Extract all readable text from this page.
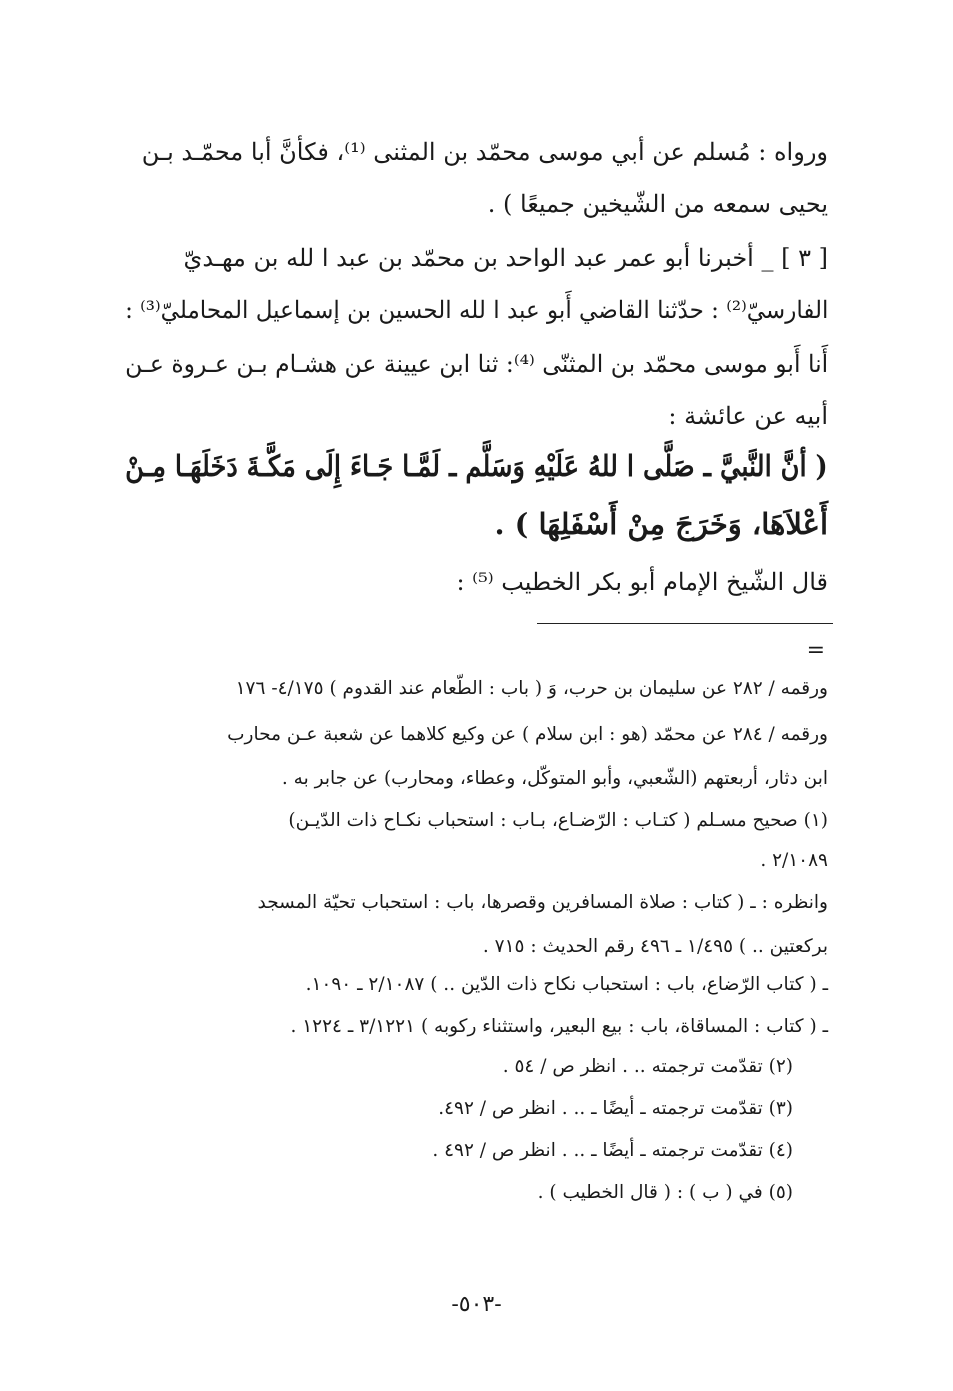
ورواه : مُسلم عن أبي موسى محمّد بن المثنى ⁽¹⁾، فكأنَّ أبا محمّـد بـن
يحيى سمعه من الشّيخين جميعًا ) .
[ ٣ ] _ أخبرنا أبو عمر عبد الواحد بن محمّد بن عبد ا لله بن مهـديّ
الفارسيّ⁽²⁾ : حدّثنا القاضي أَبو عبد ا لله الحسين بن إسماعيل المحامليّ⁽³⁾ :
أَنا أَبو موسى محمّد بن المثنّى ⁽⁴⁾: ثنا ابن عيينة عن هشـام بـن عـروة عـن
أبيه عن عائشة :
( أنَّ النَّبيَّ ـ صَلَّى ا للهُ عَلَيْهِ وَسَلَّم ـ لَمَّـا جَـاءَ إِلَى مَكَّـةَ دَخَلَهَـا مِـنْ
أَعْلاَهَا، وَخَرَجَ مِنْ أَسْفَلِهَا ) .
قال الشّيخ الإمام أبو بكر الخطيب ⁽⁵⁾ :
=
ورقمه / ٢٨٢ عن سليمان بن حرب، وَ ( باب : الطّعام عند القدوم ) ٤/١٧٥- ١٧٦
ورقمه / ٢٨٤ عن محمّد (هو : ابن سلام ) عن وكيع كلاهما عن شعبة عـن محارب
ابن دثار، أربعتهم (الشّعبي، وأبو المتوكّل، وعطاء، ومحارب) عن جابر به .
(١) صحيح مسـلم ( كتـاب : الرّضـاع، بـاب : استحباب نكـاح ذات الدّيـن)
٢/١٠٨٩ .
وانظره : ـ ( كتاب : صلاة المسافرين وقصرها، باب : استحباب تحيّة المسجد
بركعتين .. ) ١/٤٩٥ ـ ٤٩٦ رقم الحديث : ٧١٥ .
ـ ( كتاب الرّضاع، باب : استحباب نكاح ذات الدّين .. ) ٢/١٠٨٧ ـ ١٠٩٠.
ـ ( كتاب : المساقاة، باب : بيع البعير، واستثناء ركوبه ) ٣/١٢٢١ ـ ١٢٢٤ .
(٢) تقدّمت ترجمته .. . انظر ص / ٥٤ .
(٣) تقدّمت ترجمته ـ أيضًا ـ .. . انظر ص / ٤٩٢.
(٤) تقدّمت ترجمته ـ أيضًا ـ .. . انظر ص / ٤٩٢ .
(٥) في ( ب ) : ( قال الخطيب ) .
-٥٠٣-
